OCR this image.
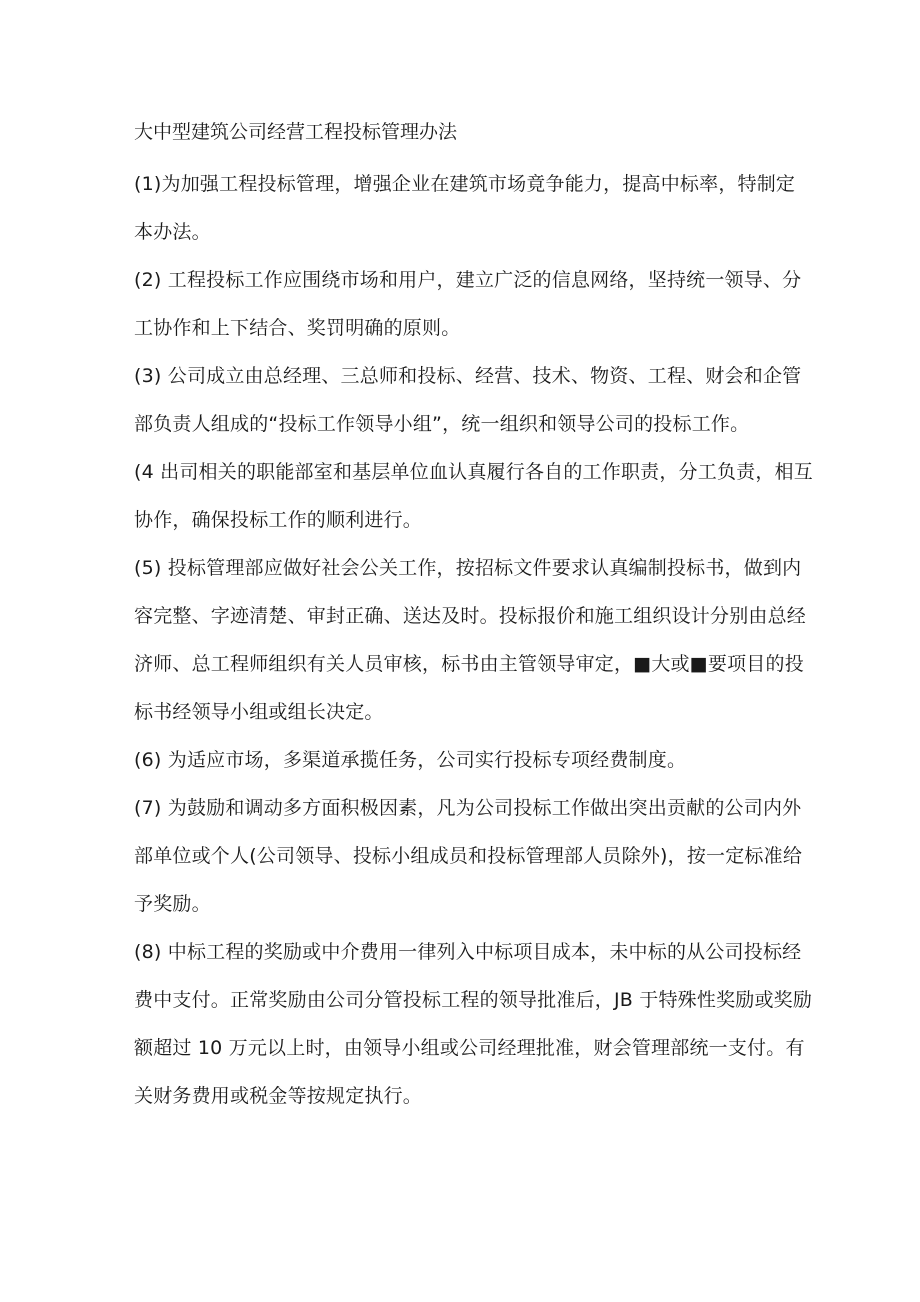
大中型建筑公司经营工程投标管理办法

(1)为加强工程投标管理，增强企业在建筑市场竟争能力，提高中标率，特制定本办法。

(2) 工程投标工作应围绕市场和用户，建立广泛的信息网络，坚持统一领导、分工协作和上下结合、奖罚明确的原则。

(3) 公司成立由总经理、三总师和投标、经营、技术、物资、工程、财会和企管部负责人组成的“投标工作领导小组”，统一组织和领导公司的投标工作。

(4 出司相关的职能部室和基层单位血认真履行各自的工作职责，分工负责，相互协作，确保投标工作的顺利进行。

(5) 投标管理部应做好社会公关工作，按招标文件要求认真编制投标书，做到内容完整、字迹清楚、审封正确、送达及时。投标报价和施工组织设计分别由总经济师、总工程师组织有关人员审核，标书由主管领导审定，■大或■要项目的投标书经领导小组或组长决定。

(6) 为适应市场，多渠道承揽任务，公司实行投标专项经费制度。

(7) 为鼓励和调动多方面积极因素，凡为公司投标工作做出突出贡献的公司内外部单位或个人(公司领导、投标小组成员和投标管理部人员除外)，按一定标准给予奖励。

(8) 中标工程的奖励或中介费用一律列入中标项目成本，未中标的从公司投标经费中支付。正常奖励由公司分管投标工程的领导批准后，JB 于特殊性奖励或奖励额超过 10 万元以上时，由领导小组或公司经理批准，财会管理部统一支付。有关财务费用或税金等按规定执行。
